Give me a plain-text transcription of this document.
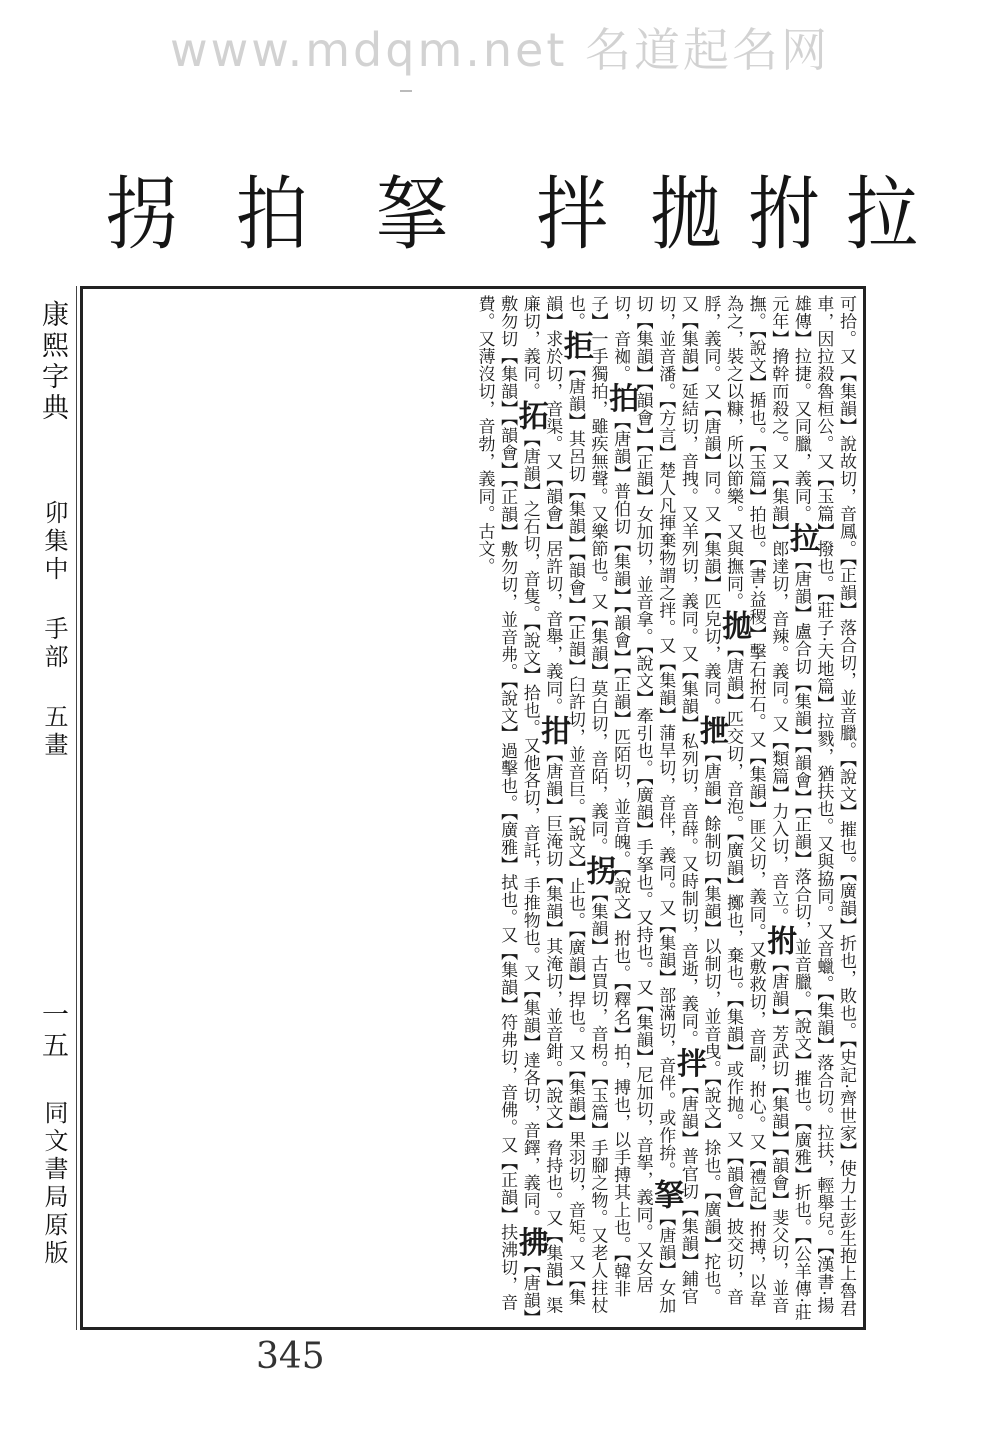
www.mdqm.net 名道起名网
拉
拊
拋
拌
拏
拍
拐
康熙字典
卯集中 手部 五畫
一五
同文書局原版
可拾。又【集韻】說故切，音鳳。【正韻】落合切，並音臘。【說文】摧也。【廣韻】折也，敗也。【史記·齊世家】使力士彭生抱上魯君車，因拉殺魯桓公。又【玉篇】撥也。【莊子·天地篇】拉戮，猶扶也。又與拹同。又音蠟。【集韻】落合切。拉扶，輕舉兒。【漢書·揚雄傳】拉捷。又同臘，義同。拉【唐韻】盧合切【集韻】【韻會】【正韻】落合切，並音臘。【說文】摧也。【廣雅】折也。【公羊傳·莊元年】搚幹而殺之。又【集韻】郎達切，音辣。義同。又【類篇】力入切，音立。拊【唐韻】芳武切【集韻】【韻會】斐父切，並音撫。【說文】揗也。【玉篇】拍也。【書·益稷】擊石拊石。又【集韻】匪父切，義同。又敷救切，音副，拊心。又【禮記】拊搏，以韋為之，裝之以糠，所以節樂。又與撫同。拋【唐韻】匹交切，音泡。【廣韻】擲也，棄也。【集韻】或作抛。又【韻會】披交切，音脬，義同。又【唐韻】同。又【集韻】匹皃切，義同。抴【唐韻】餘制切【集韻】以制切，並音曳。【說文】捈也。【廣韻】拕也。又【集韻】延結切，音拽。又羊列切，義同。又【集韻】私列切，音薛。又時制切，音逝，義同。拌【唐韻】普官切【集韻】鋪官切，並音潘。【方言】楚人凡揮棄物謂之拌。又【集韻】蒲旱切，音伴，義同。又【集韻】部滿切，音伴。或作拚。拏【唐韻】女加切【集韻】【韻會】【正韻】女加切，並音拿。【說文】牽引也。【廣韻】手拏也。又持也。又【集韻】尼加切，音挐，義同。又女居切，音袽。拍【唐韻】普伯切【集韻】【韻會】【正韻】匹陌切，並音魄。【說文】拊也。【釋名】拍，搏也，以手搏其上也。【韓非子】一手獨拍，雖疾無聲。又樂節也。又【集韻】莫白切，音陌，義同。拐【集韻】古買切，音枴。【玉篇】手腳之物。又老人拄杖也。拒【唐韻】其呂切【集韻】【韻會】【正韻】臼許切，並音巨。【說文】止也。【廣韻】捍也。又【集韻】果羽切，音矩。又【集韻】求於切，音渠。又【韻會】居許切，音舉，義同。拑【唐韻】巨淹切【集韻】其淹切，並音鉗。【說文】脅持也。又【集韻】渠廉切，義同。拓【唐韻】之石切，音隻。【說文】拾也。又他各切，音託，手推物也。又【集韻】達各切，音鐸，義同。拂【唐韻】敷勿切【集韻】【韻會】【正韻】敷勿切，並音弗。【說文】過擊也。【廣雅】拭也。又【集韻】符弗切，音佛。又【正韻】扶沸切，音費。又薄沒切，音勃，義同。古文。
345
